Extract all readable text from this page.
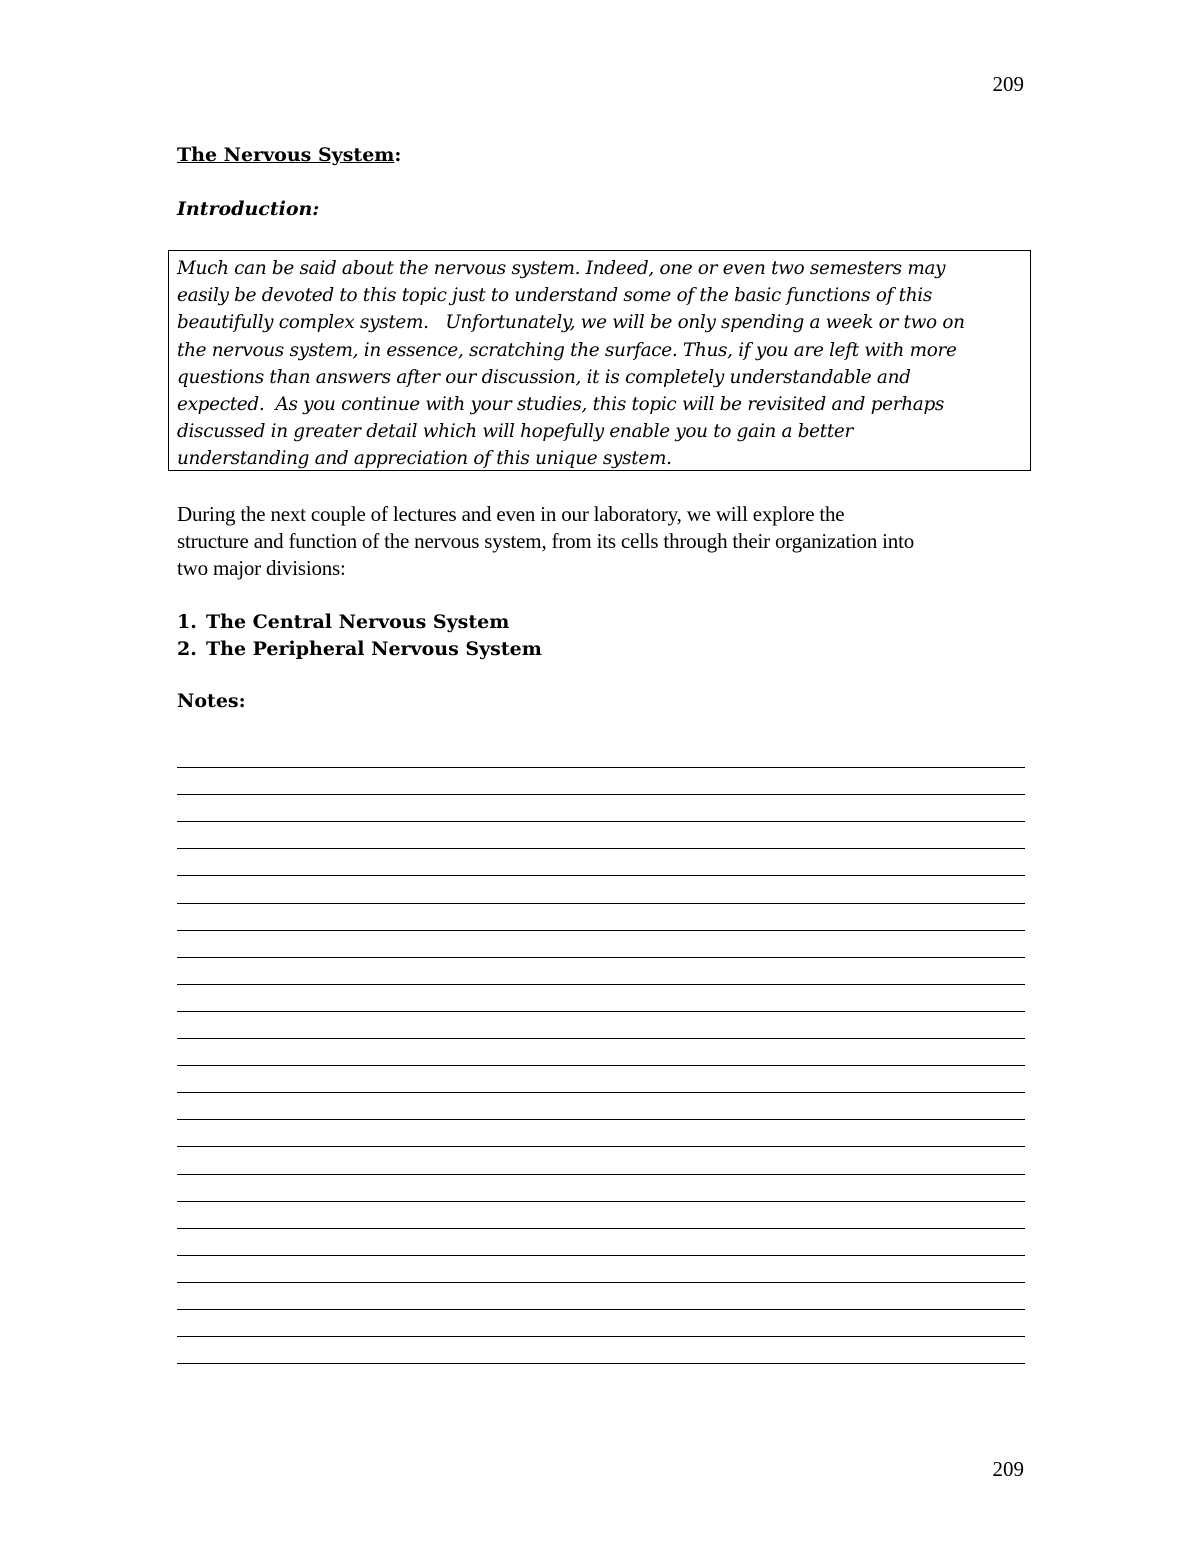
209
The Nervous System:
Introduction:
Much can be said about the nervous system. Indeed, one or even two semesters may
easily be devoted to this topic just to understand some of the basic functions of this
beautifully complex system.   Unfortunately, we will be only spending a week or two on
the nervous system, in essence, scratching the surface. Thus, if you are left with more
questions than answers after our discussion, it is completely understandable and
expected.  As you continue with your studies, this topic will be revisited and perhaps
discussed in greater detail which will hopefully enable you to gain a better
understanding and appreciation of this unique system.
During the next couple of lectures and even in our laboratory, we will explore the
structure and function of the nervous system, from its cells through their organization into
two major divisions:
1. The Central Nervous System
2. The Peripheral Nervous System
Notes:
209
